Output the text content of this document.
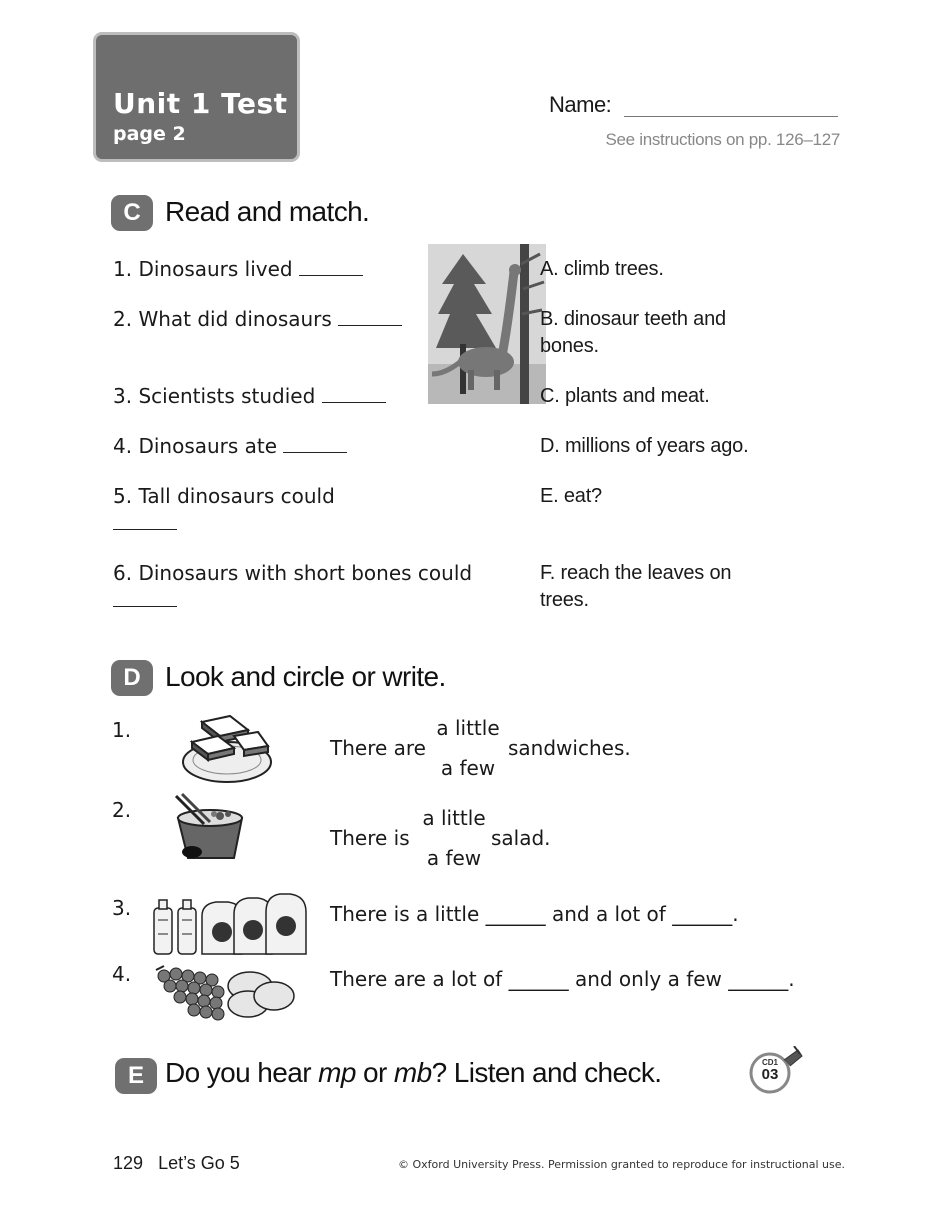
Unit 1 Test
page 2
Name:
See instructions on pp. 126–127
C Read and match.
1. Dinosaurs lived
2. What did dinosaurs
3. Scientists studied
4. Dinosaurs ate
5. Tall dinosaurs could

6. Dinosaurs with short bones could

A. climb trees.
B. dinosaur teeth and bones.
C. plants and meat.
D. millions of years ago.
E. eat?
F. reach the leaves on trees.
D Look and circle or write.
1.
There are
a little
a few
sandwiches.
2.
There is
a little
a few
salad.
3.	There is a little ______ and a lot of ______.
4.	There are a lot of ______ and only a few ______.
E Do you hear mp or mb? Listen and check.	CD1
03
129 Let’s Go 5	© Oxford University Press. Permission granted to reproduce for instructional use.
